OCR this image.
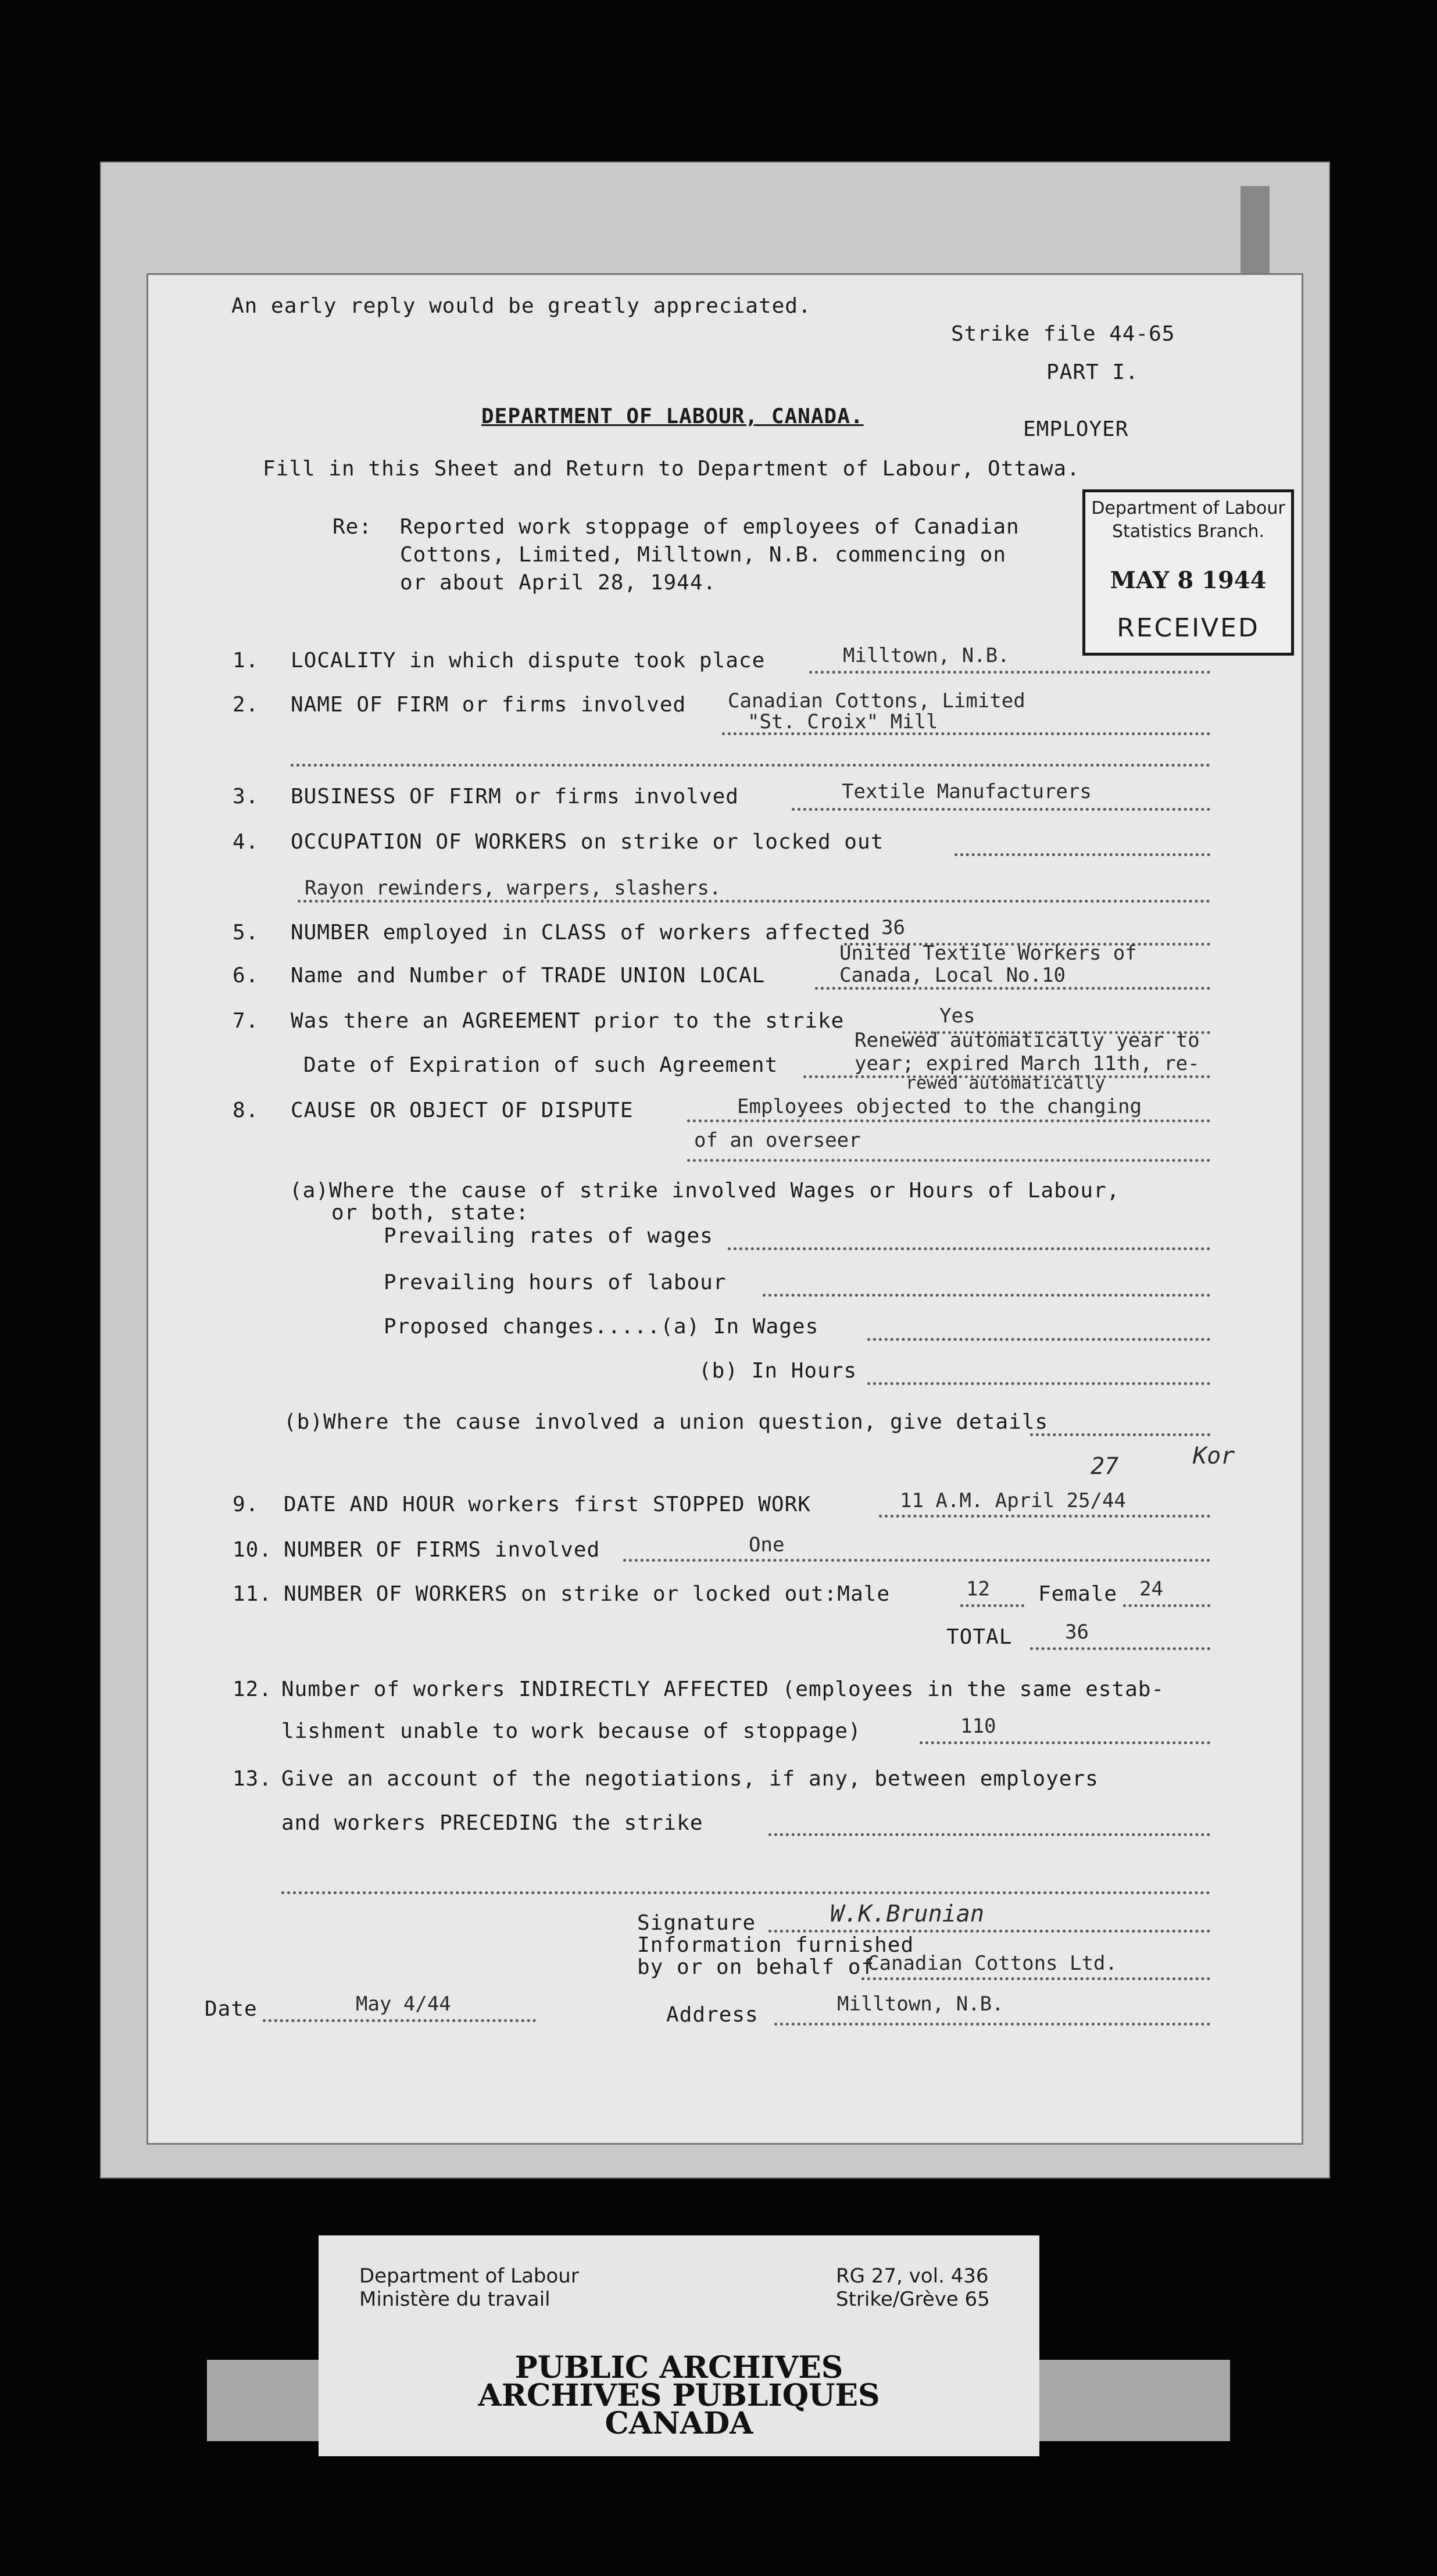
An early reply would be greatly appreciated.
Strike file 44-65
PART I.
DEPARTMENT OF LABOUR, CANADA.
EMPLOYER
Fill in this Sheet and Return to Department of Labour, Ottawa.
Re: Reported work stoppage of employees of Canadian
Cottons, Limited, Milltown, N.B. commencing on
or about April 28, 1944.
1. LOCALITY in which dispute took place	Milltown, N.B.
2. NAME OF FIRM or firms involved Canadian Cottons, Limited
"St. Croix" Mill
3. BUSINESS OF FIRM or firms involved	Textile Manufacturers
4. OCCUPATION OF WORKERS on strike or locked out
Rayon rewinders, warpers, slashers.
5. NUMBER employed in CLASS of workers affected 36
6. Name and Number of TRADE UNION LOCAL
United Textile Workers of
Canada, Local No.10
7. Was there an AGREEMENT prior to the strike	Yes
Date of Expiration of such Agreement
Renewed automatically year to
year; expired March 11th, re-
rewed automatically
8. CAUSE OR OBJECT OF DISPUTE	Employees objected to the changing
of an overseer
(a)Where the cause of strike involved Wages or Hours of Labour,
or both, state:
Prevailing rates of wages
Prevailing hours of labour
Proposed changes.....(a) In Wages
(b) In Hours
(b)Where the cause involved a union question, give details
9. DATE AND HOUR workers first STOPPED WORK	11 A.M. April 25/44
27	Kor
10. NUMBER OF FIRMS involved	One
11. NUMBER OF WORKERS on strike or locked out:Male	12 Female 24
TOTAL	36
12. Number of workers INDIRECTLY AFFECTED (employees in the same estab-
lishment unable to work because of stoppage)	110
13. Give an account of the negotiations, if any, between employers
and workers PRECEDING the strike
Signature	W.K.Brunian
Information furnished
by or on behalf of
Canadian Cottons Ltd.
Date	May 4/44	Address	Milltown, N.B.
Department of Labour
Statistics Branch.
MAY 8 1944
RECEIVED
Department of Labour
Ministère du travail
RG 27, vol. 436
Strike/Grève 65
PUBLIC ARCHIVES
ARCHIVES PUBLIQUES
CANADA
